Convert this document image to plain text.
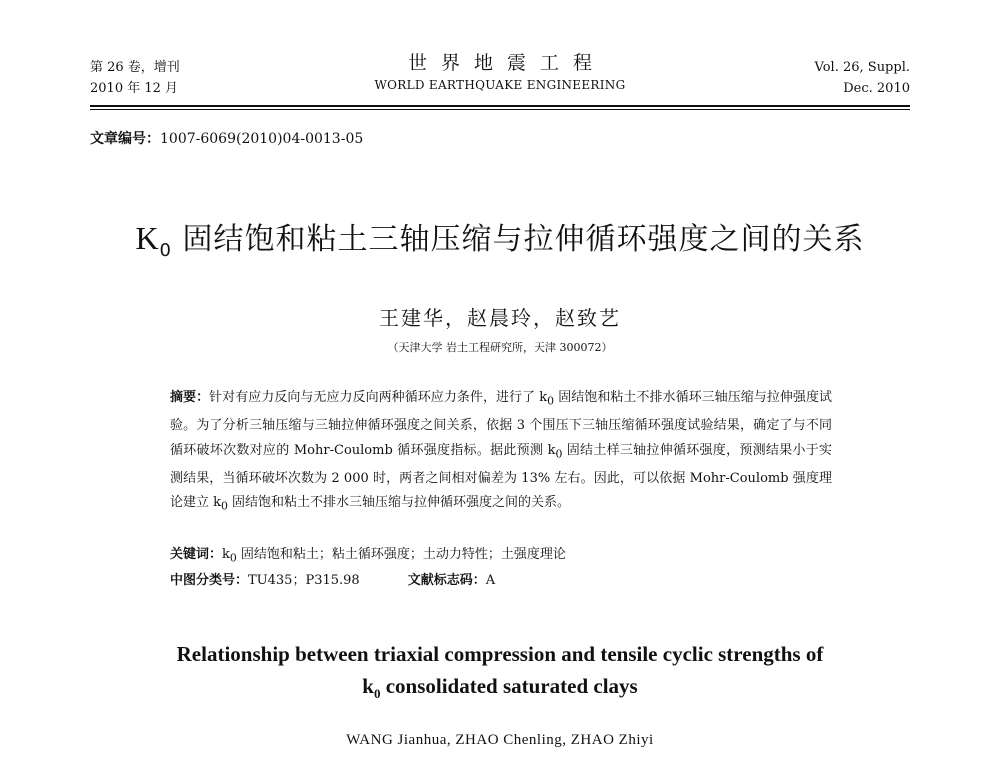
第 26 卷，增刊
2010 年 12 月
世界地震工程
WORLD EARTHQUAKE ENGINEERING
Vol. 26, Suppl.
Dec. 2010
文章编号：1007-6069(2010)04-0013-05
$K_0$ 固结饱和粘土三轴压缩与拉伸循环强度之间的关系
王建华，赵晨玲，赵致艺
（天津大学 岩土工程研究所，天津 300072）
摘要：针对有应力反向与无应力反向两种循环应力条件，进行了 $k_0$ 固结饱和粘土不排水循环三轴压缩与拉伸强度试验。为了分析三轴压缩与三轴拉伸循环强度之间关系，依据 3 个围压下三轴压缩循环强度试验结果，确定了与不同循环破坏次数对应的 Mohr-Coulomb 循环强度指标。据此预测 $k_0$ 固结土样三轴拉伸循环强度，预测结果小于实测结果，当循环破坏次数为 2 000 时，两者之间相对偏差为 13% 左右。因此，可以依据 Mohr-Coulomb 强度理论建立 $k_0$ 固结饱和粘土不排水三轴压缩与拉伸循环强度之间的关系。
关键词：$k_0$ 固结饱和粘土；粘土循环强度；土动力特性；土强度理论
中图分类号：TU435；P315.98	文献标志码：A
Relationship between triaxial compression and tensile cyclic strengths of
$k_0$ consolidated saturated clays
WANG Jianhua, ZHAO Chenling, ZHAO Zhiyi
